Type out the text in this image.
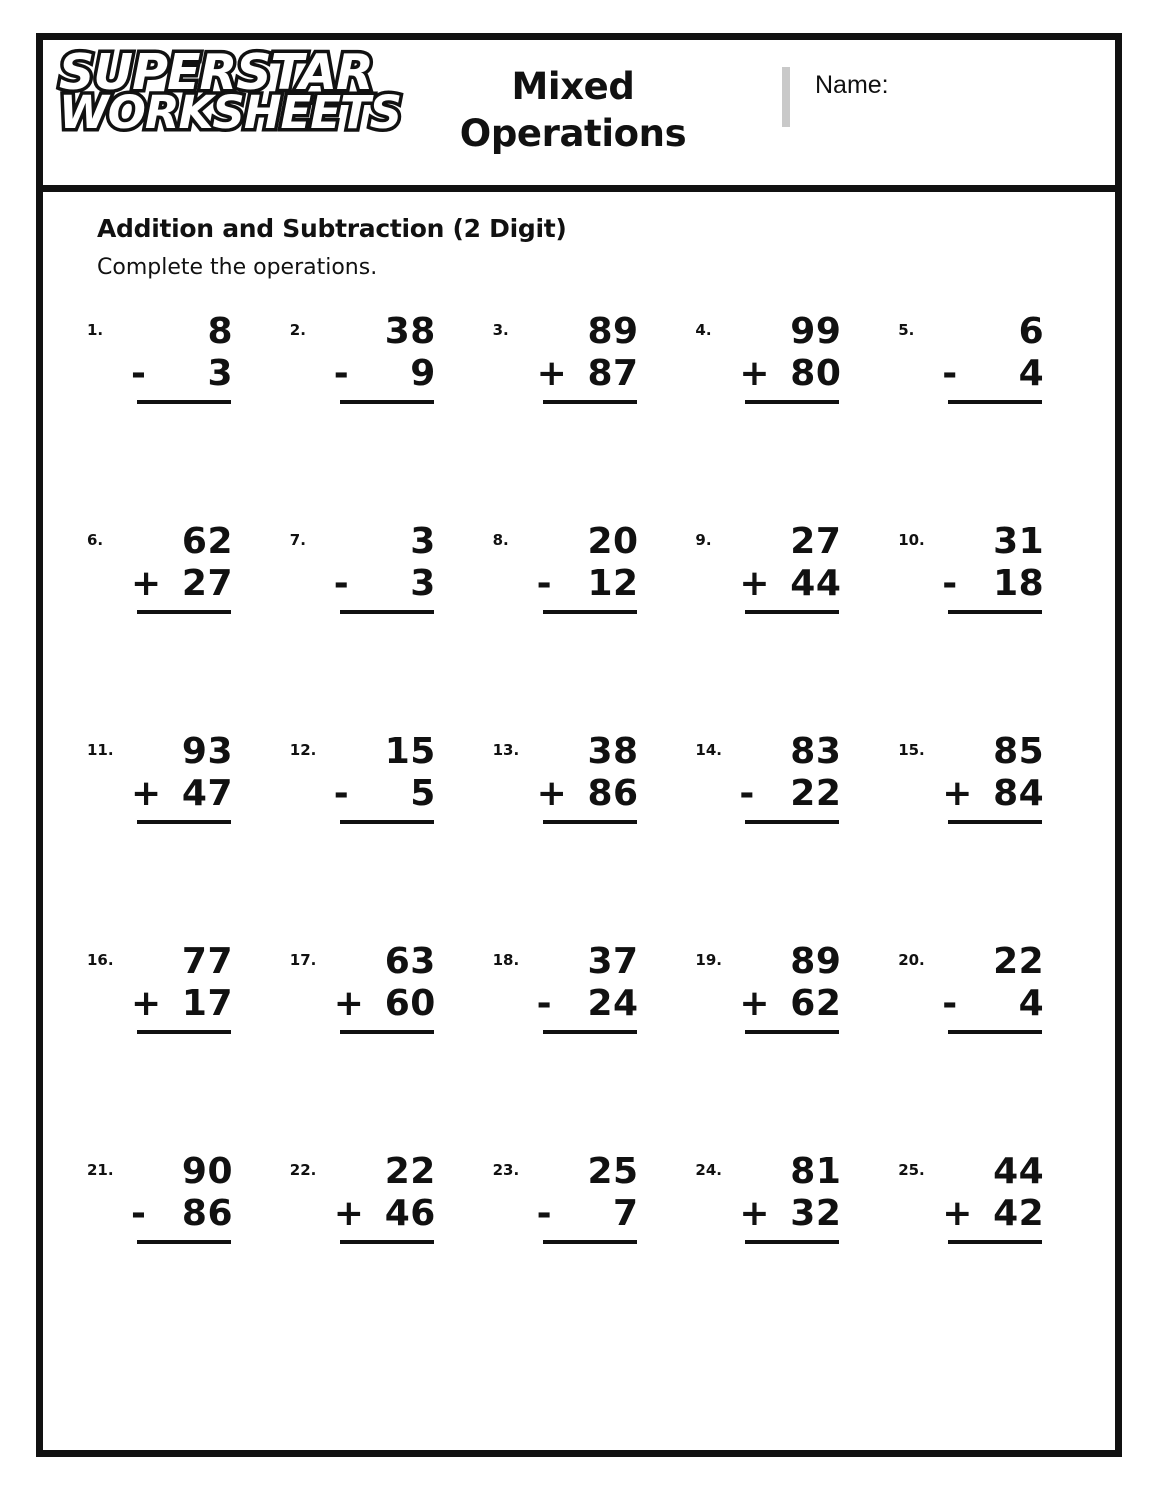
SUPERSTAR
WORKSHEETS	Mixed
Operations
Name:
Addition and Subtraction (2 Digit)
Complete the operations.
1.	8
- 3
2. 38
- 9
3. 89
+ 87
4. 99
+ 80
5.	6
- 4
6. 62
+ 27
7.	3
- 3
8. 20
- 12
9. 27
+ 44
10. 31
- 18
11. 93
+ 47
12. 15
- 5
13. 38
+ 86
14. 83
- 22
15. 85
+ 84
16. 77
+ 17
17. 63
+ 60
18. 37
- 24
19. 89
+ 62
20. 22
- 4
21. 90
- 86
22. 22
+ 46
23. 25
- 7
24. 81
+ 32
25. 44
+ 42
